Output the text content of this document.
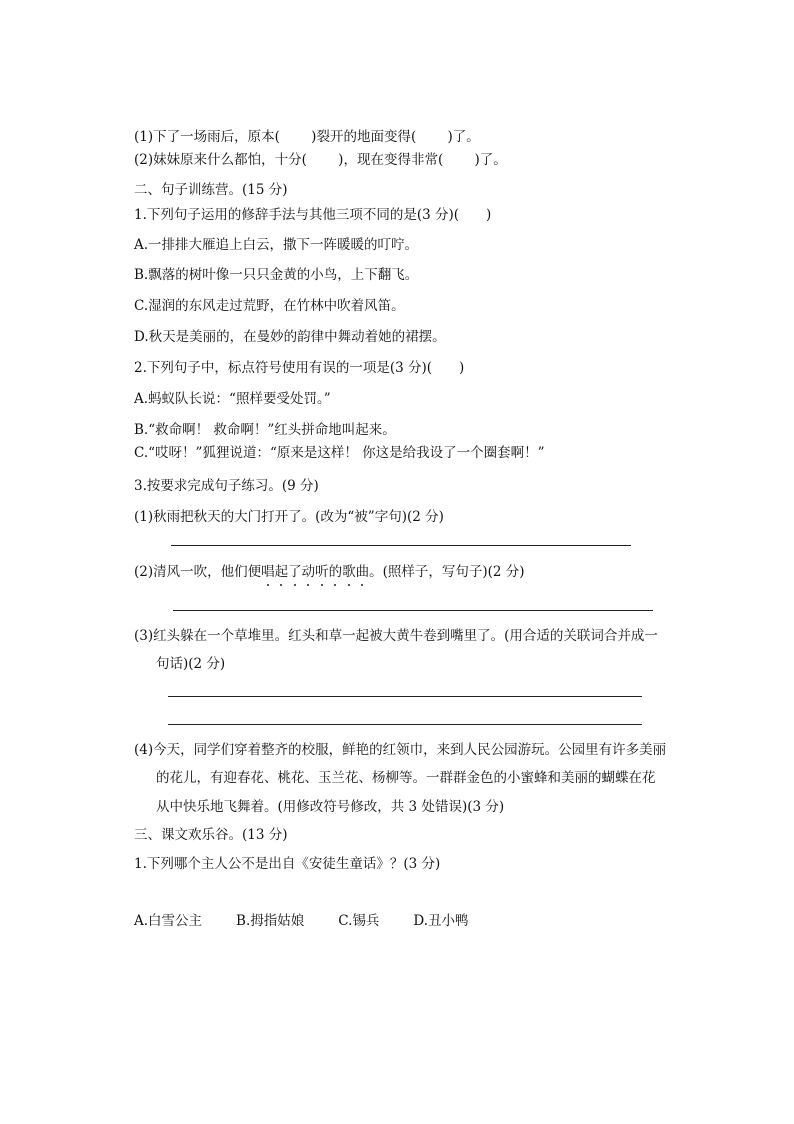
(1)下了一场雨后，原本(　　 )裂开的地面变得(　　 )了。
(2)妹妹原来什么都怕，十分(　　 )，现在变得非常(　　 )了。
二、句子训练营。(15 分)
1.下列句子运用的修辞手法与其他三项不同的是(3 分)(　　)
A.一排排大雁追上白云，撒下一阵暖暖的叮咛。
B.飘落的树叶像一只只金黄的小鸟，上下翻飞。
C.湿润的东风走过荒野，在竹林中吹着风笛。
D.秋天是美丽的，在曼妙的韵律中舞动着她的裙摆。
2.下列句子中，标点符号使用有误的一项是(3 分)(　　)
A.蚂蚁队长说：“照样要受处罚。”
B.“救命啊！ 救命啊！”红头拼命地叫起来。
C.“哎呀！”狐狸说道：“原来是这样！ 你这是给我设了一个圈套啊！”
3.按要求完成句子练习。(9 分)
(1)秋雨把秋天的大门打开了。(改为“被”字句)(2 分)
(2)清风一吹，他们便唱起了动听的歌曲。(照样子，写句子)(2 分)
(3)红头躲在一个草堆里。红头和草一起被大黄牛卷到嘴里了。(用合适的关联词合并成一
句话)(2 分)
(4)今天，同学们穿着整齐的校服，鲜艳的红领巾，来到人民公园游玩。公园里有许多美丽
的花儿，有迎春花、桃花、玉兰花、杨柳等。一群群金色的小蜜蜂和美丽的蝴蝶在花
从中快乐地飞舞着。(用修改符号修改，共 3 处错误)(3 分)
三、课文欢乐谷。(13 分)
1.下列哪个主人公不是出自《安徒生童话》？(3 分)
A.白雪公主	B.拇指姑娘	C.锡兵	D.丑小鸭
